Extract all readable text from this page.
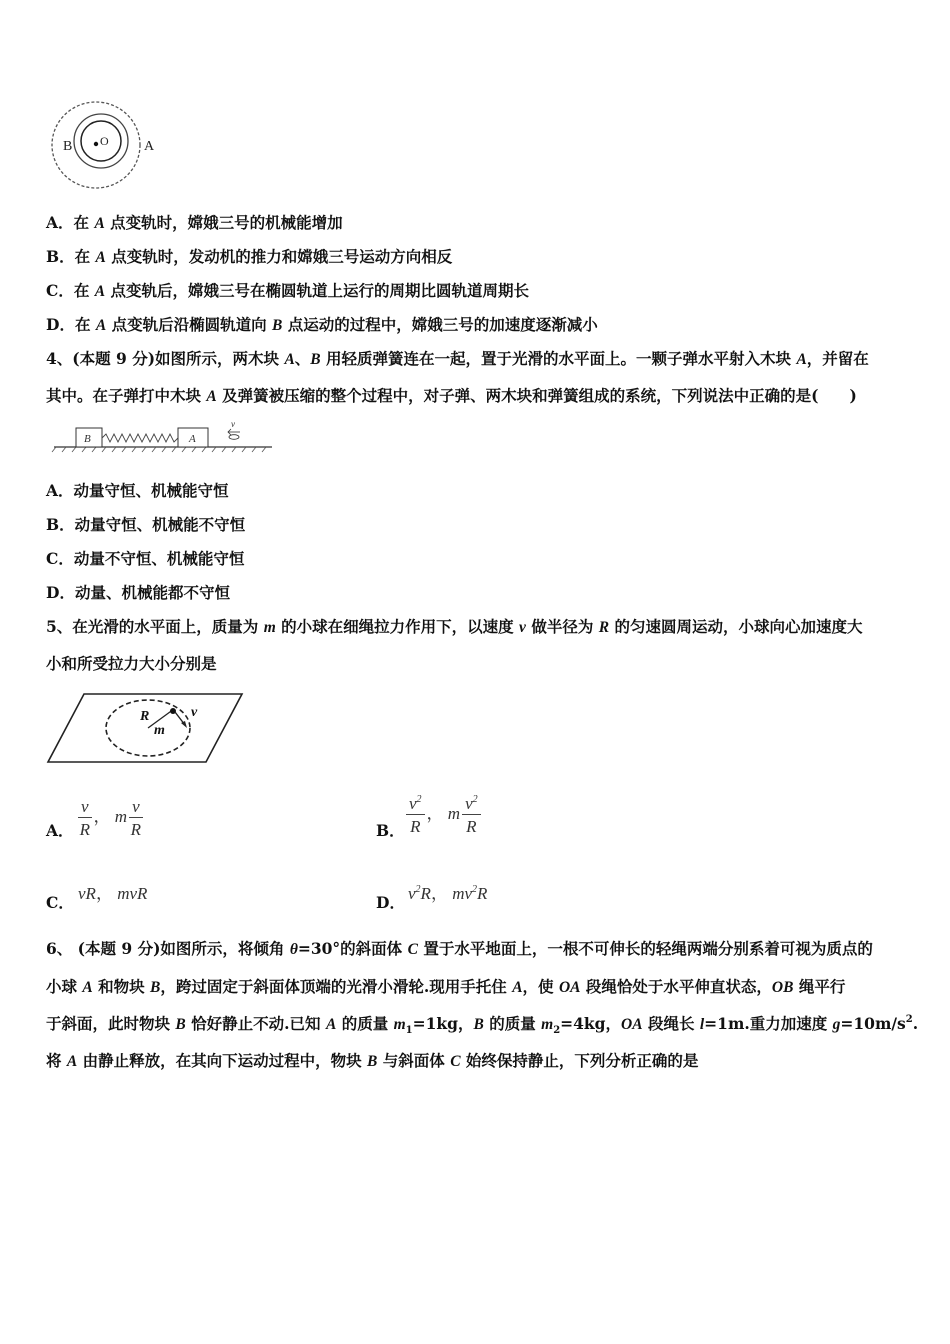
B O	A
A．在 A 点变轨时，嫦娥三号的机械能增加
B．在 A 点变轨时，发动机的推力和嫦娥三号运动方向相反
C．在 A 点变轨后，嫦娥三号在椭圆轨道上运行的周期比圆轨道周期长
D．在 A 点变轨后沿椭圆轨道向 B 点运动的过程中，嫦娥三号的加速度逐渐减小
4、(本题 9 分)如图所示，两木块 A、B 用轻质弹簧连在一起，置于光滑的水平面上。一颗子弹水平射入木块 A，并留在
其中。在子弹打中木块 A 及弹簧被压缩的整个过程中，对子弹、两木块和弹簧组成的系统，下列说法中正确的是(　　)
B	A
v
A．动量守恒、机械能守恒
B．动量守恒、机械能不守恒
C．动量不守恒、机械能守恒
D．动量、机械能都不守恒
5、在光滑的水平面上，质量为 m 的小球在细绳拉力作用下，以速度 v 做半径为 R 的匀速圆周运动，小球向心加速度大
小和所受拉力大小分别是
R	v
m
A． $\frac{v}{R}$ ， m $\frac{v}{R}$	B． $\frac{v^2}{R}$ ， m $\frac{v^2}{R}$
C． vR， mvR	D． $v^2R$， $mv^2R$
6、 (本题 9 分)如图所示，将倾角 θ=30°的斜面体 C 置于水平地面上，一根不可伸长的轻绳两端分别系着可视为质点的
小球 A 和物块 B，跨过固定于斜面体顶端的光滑小滑轮.现用手托住 A，使 OA 段绳恰处于水平伸直状态，OB 绳平行
于斜面，此时物块 B 恰好静止不动.已知 A 的质量 $m_1=1kg$，B 的质量 $m_2=4kg$，OA 段绳长 l=1m.重力加速度 $g=10m/s^2$.
将 A 由静止释放，在其向下运动过程中，物块 B 与斜面体 C 始终保持静止，下列分析正确的是
